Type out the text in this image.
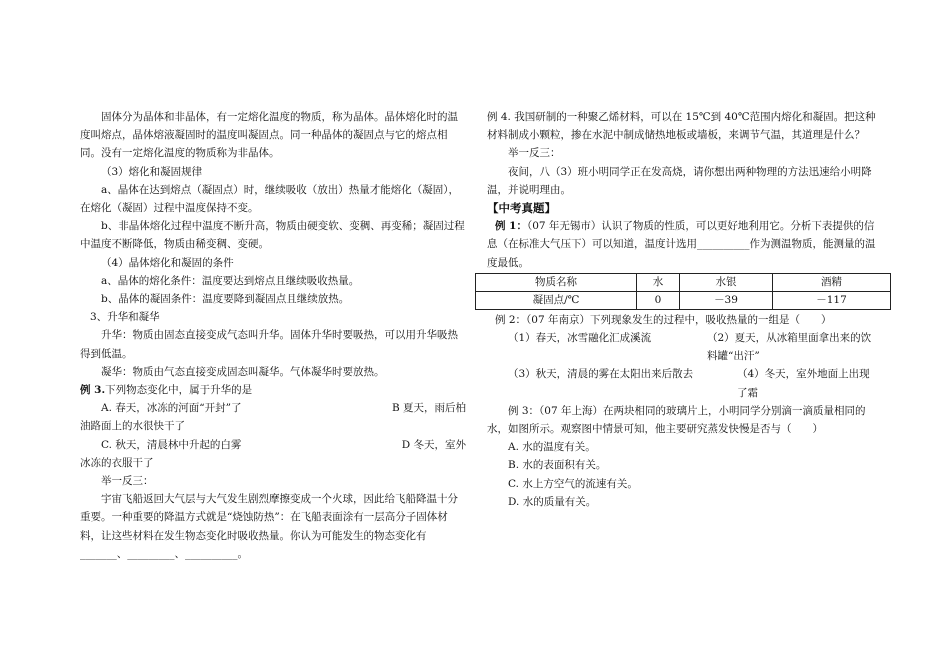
固体分为晶体和非晶体，有一定熔化温度的物质，称为晶体。晶体熔化时的温度叫熔点，晶体熔液凝固时的温度叫凝固点。同一种晶体的凝固点与它的熔点相同。没有一定熔化温度的物质称为非晶体。

（3）熔化和凝固规律

a、晶体在达到熔点（凝固点）时，继续吸收（放出）热量才能熔化（凝固），在熔化（凝固）过程中温度保持不变。

b、非晶体熔化过程中温度不断升高，物质由硬变软、变稠、再变稀；凝固过程中温度不断降低，物质由稀变稠、变硬。

（4）晶体熔化和凝固的条件

a、晶体的熔化条件：温度要达到熔点且继续吸收热量。

b、晶体的凝固条件：温度要降到凝固点且继续放热。

3、升华和凝华

升华：物质由固态直接变成气态叫升华。固体升华时要吸热，可以用升华吸热得到低温。

凝华：物质由气态直接变成固态叫凝华。气体凝华时要放热。

例 3.下列物态变化中，属于升华的是

A. 春天，冰冻的河面“开封”了	B 夏天，雨后柏

油路面上的水很快干了

C. 秋天，清晨林中升起的白雾	D 冬天，室外

冰冻的衣服干了

举一反三：

宇宙飞船返回大气层与大气发生剧烈摩擦变成一个火球，因此给飞船降温十分重要。一种重要的降温方式就是“烧蚀防热”：在飞船表面涂有一层高分子固体材料，让这些材料在发生物态变化时吸收热量。你认为可能发生的物态变化有_______、_________、__________。

例 4. 我国研制的一种聚乙烯材料，可以在 15℃到 40℃范围内熔化和凝固。把这种材料制成小颗粒，掺在水泥中制成储热地板或墙板，来调节气温，其道理是什么？

举一反三：

夜间，八（3）班小明同学正在发高烧，请你想出两种物理的方法迅速给小明降温，并说明理由。

【中考真题】

例 1：（07 年无锡市）认识了物质的性质，可以更好地利用它。分析下表提供的信息（在标准大气压下）可以知道，温度计选用__________作为测温物质，能测量的温度最低。

物质名称	水	水银	酒精
凝固点/℃	0	－39	－117

例 2：（07 年南京）下列现象发生的过程中，吸收热量的一组是（　　）

（1）春天，冰雪融化汇成溪流	（2）夏天，从冰箱里面拿出来的饮料罐“出汗”
（3）秋天，清晨的雾在太阳出来后散去	（4）冬天，室外地面上出现了霜

例 3：（07 年上海）在两块相同的玻璃片上，小明同学分别滴一滴质量相同的水，如图所示。观察图中情景可知，他主要研究蒸发快慢是否与（　　）

A. 水的温度有关。

B. 水的表面积有关。

C. 水上方空气的流速有关。

D. 水的质量有关。
